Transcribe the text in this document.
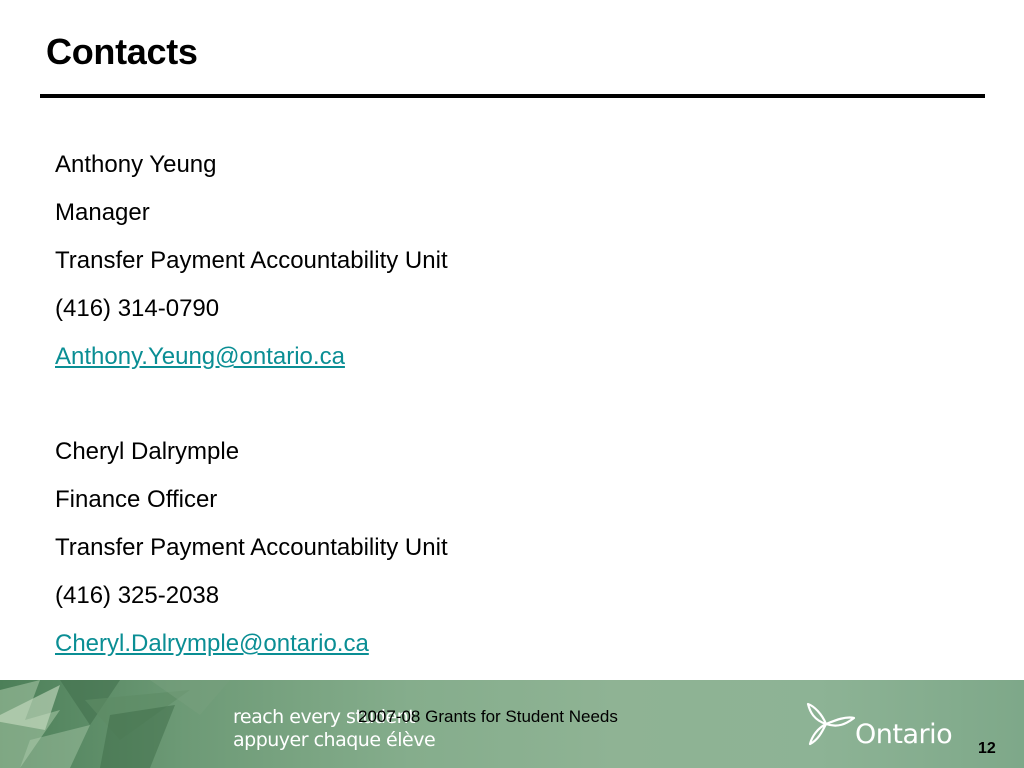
Contacts
Anthony Yeung
Manager
Transfer Payment Accountability Unit
(416) 314-0790
Anthony.Yeung@ontario.ca
Cheryl Dalrymple
Finance Officer
Transfer Payment Accountability Unit
(416) 325-2038
Cheryl.Dalrymple@ontario.ca
reach every student
appuyer chaque élève
2007-08 Grants for Student Needs
Ontario 12
